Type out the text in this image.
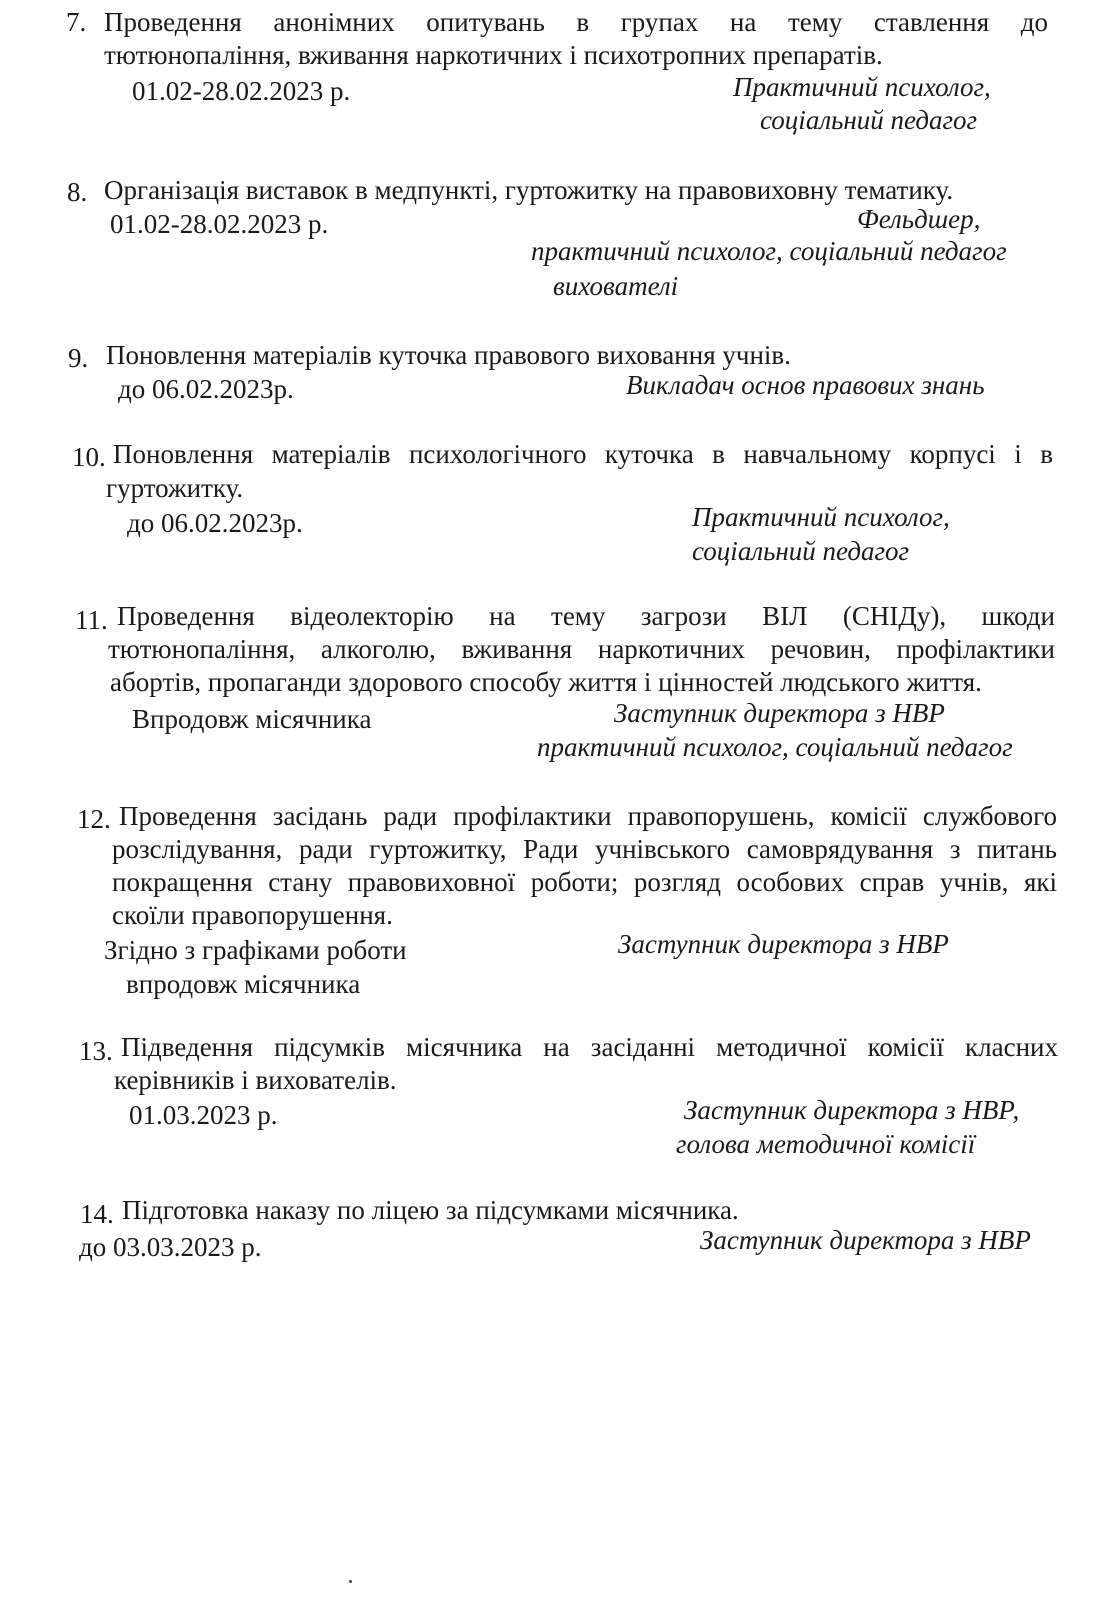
7. Проведення анонімних опитувань в групах на тему ставлення до
тютюнопаління, вживання наркотичних і психотропних препаратів.
01.02-28.02.2023 р.	Практичний психолог,
соціальний педагог
8. Організація виставок в медпункті, гуртожитку на правовиховну тематику.
01.02-28.02.2023 р.	Фельдшер,
практичний психолог, соціальний педагог
вихователі
9. Поновлення матеріалів куточка правового виховання учнів.
до 06.02.2023р.	Викладач основ правових знань
10. Поновлення матеріалів психологічного куточка в навчальному корпусі і в
гуртожитку.
до 06.02.2023р.	Практичний психолог,
соціальний педагог
11. Проведення відеолекторію на тему загрози ВІЛ (СНІДу), шкоди
тютюнопаління, алкоголю, вживання наркотичних речовин, профілактики
абортів, пропаганди здорового способу життя і цінностей людського життя.
Впродовж місячника	Заступник директора з НВР
практичний психолог, соціальний педагог
12. Проведення засідань ради профілактики правопорушень, комісії службового
розслідування, ради гуртожитку, Ради учнівського самоврядування з питань
покращення стану правовиховної роботи; розгляд особових справ учнів, які
скоїли правопорушення.
Згідно з графіками роботи
впродовж місячника
Заступник директора з НВР
13. Підведення підсумків місячника на засіданні методичної комісії класних
керівників і вихователів.
01.03.2023 р.	Заступник директора з НВР,
голова методичної комісії
14. Підготовка наказу по ліцею за підсумками місячника.
до 03.03.2023 р.	Заступник директора з НВР
